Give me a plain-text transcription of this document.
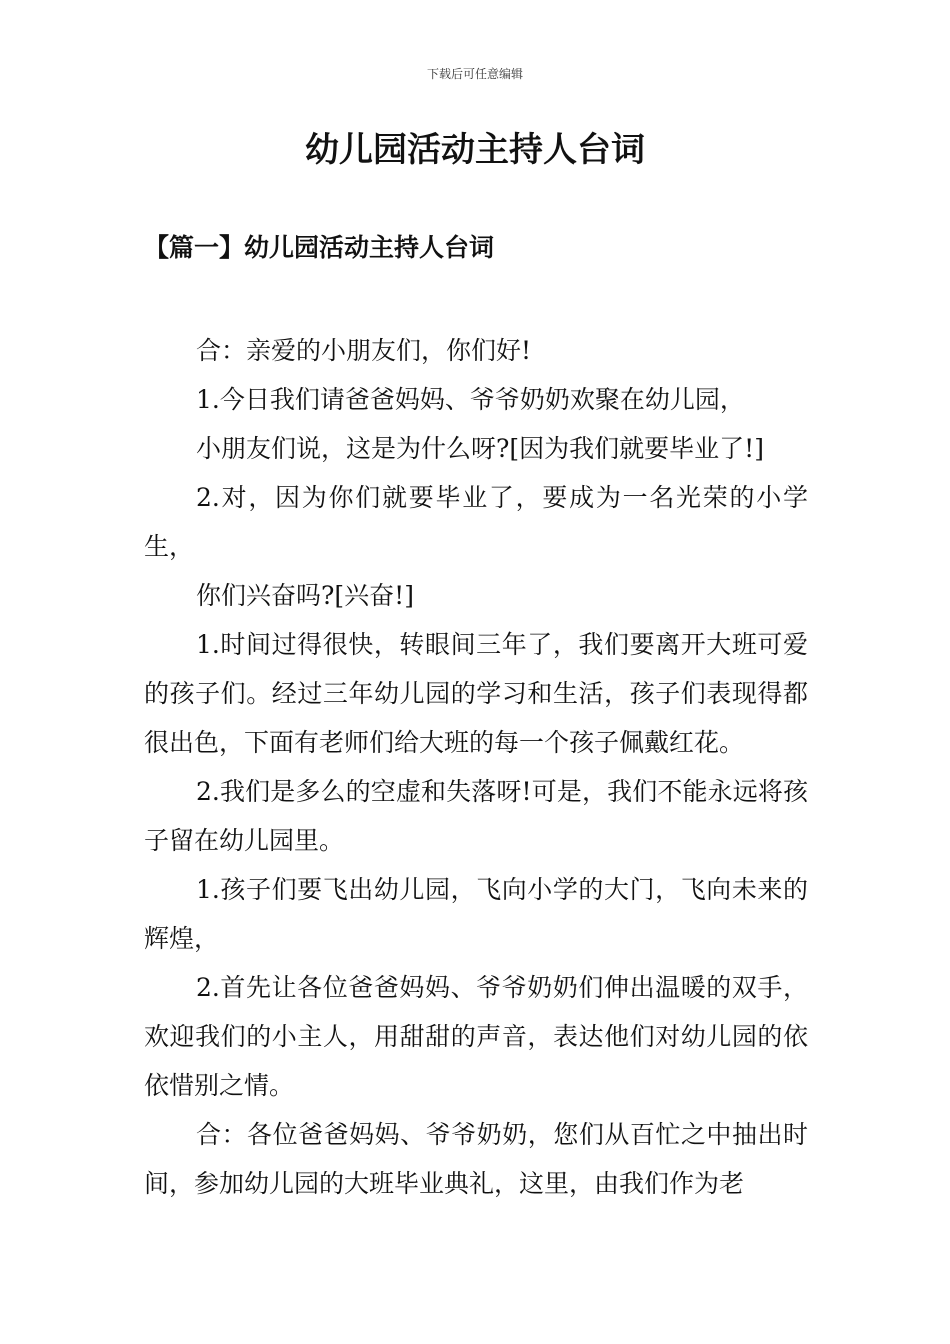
下载后可任意编辑
幼儿园活动主持人台词
【篇一】幼儿园活动主持人台词

合：亲爱的小朋友们，你们好!

1.今日我们请爸爸妈妈、爷爷奶奶欢聚在幼儿园，

小朋友们说，这是为什么呀?[因为我们就要毕业了!]

2.对，因为你们就要毕业了，要成为一名光荣的小学生，

你们兴奋吗?[兴奋!]

1.时间过得很快，转眼间三年了，我们要离开大班可爱的孩子们。经过三年幼儿园的学习和生活，孩子们表现得都很出色，下面有老师们给大班的每一个孩子佩戴红花。

2.我们是多么的空虚和失落呀!可是，我们不能永远将孩子留在幼儿园里。

1.孩子们要飞出幼儿园，飞向小学的大门，飞向未来的辉煌，

2.首先让各位爸爸妈妈、爷爷奶奶们伸出温暖的双手，欢迎我们的小主人，用甜甜的声音，表达他们对幼儿园的依依惜别之情。

合：各位爸爸妈妈、爷爷奶奶，您们从百忙之中抽出时间，参加幼儿园的大班毕业典礼，这里，由我们作为老
